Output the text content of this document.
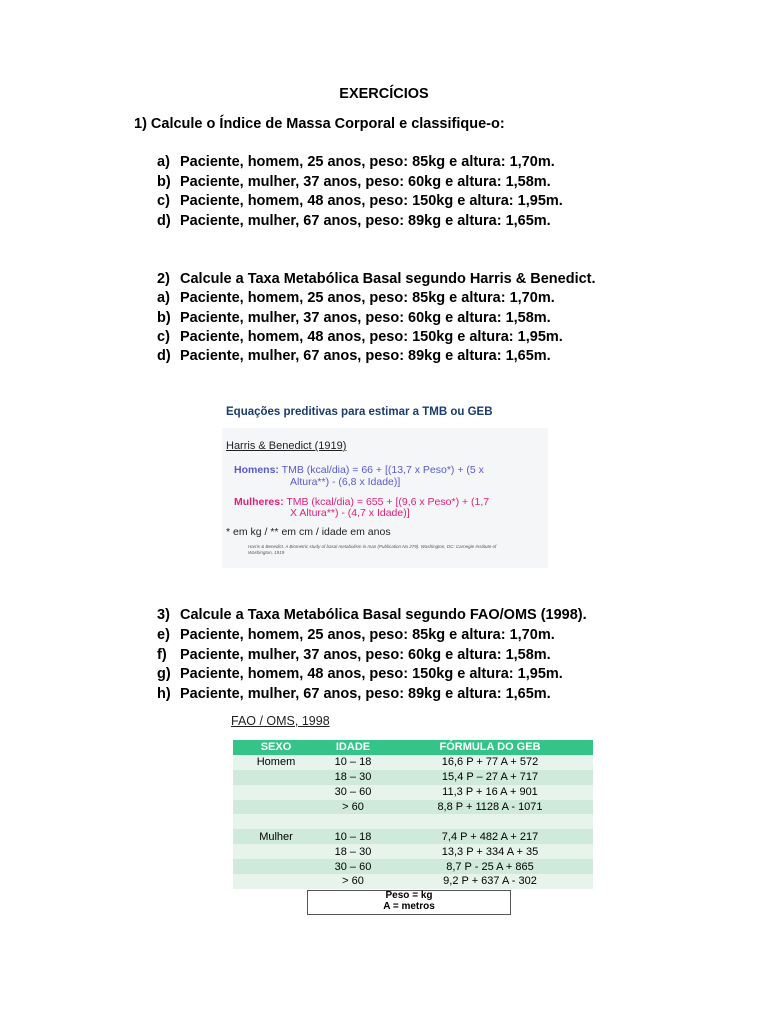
EXERCÍCIOS
1) Calcule o Índice de Massa Corporal e classifique-o:
a) Paciente, homem, 25 anos, peso: 85kg e altura: 1,70m.
b) Paciente, mulher, 37 anos, peso: 60kg e altura: 1,58m.
c) Paciente, homem, 48 anos, peso: 150kg e altura: 1,95m.
d) Paciente, mulher, 67 anos, peso: 89kg e altura: 1,65m.
2) Calcule a Taxa Metabólica Basal segundo Harris & Benedict.
a) Paciente, homem, 25 anos, peso: 85kg e altura: 1,70m.
b) Paciente, mulher, 37 anos, peso: 60kg e altura: 1,58m.
c) Paciente, homem, 48 anos, peso: 150kg e altura: 1,95m.
d) Paciente, mulher, 67 anos, peso: 89kg e altura: 1,65m.
Equações preditivas para estimar a TMB ou GEB
Harris & Benedict (1919)
Homens: TMB (kcal/dia) = 66 + [(13,7 x Peso*) + (5 x
Altura**) - (6,8 x Idade)]
Mulheres: TMB (kcal/dia) = 655 + [(9,6 x Peso*) + (1,7
X Altura**) - (4,7 x Idade)]
* em kg / ** em cm / idade em anos
Harris & Benedict. A Biometric study of basal metabolism in man (Publication No 279). Washington, DC: Carnegie Institute of Washington, 1919
3) Calcule a Taxa Metabólica Basal segundo FAO/OMS (1998).
e) Paciente, homem, 25 anos, peso: 85kg e altura: 1,70m.
f) Paciente, mulher, 37 anos, peso: 60kg e altura: 1,58m.
g) Paciente, homem, 48 anos, peso: 150kg e altura: 1,95m.
h) Paciente, mulher, 67 anos, peso: 89kg e altura: 1,65m.
FAO / OMS, 1998
SEXO	IDADE	FÓRMULA DO GEB
Homem	10 – 18	16,6 P + 77 A + 572
	18 – 30	15,4 P – 27 A + 717
	30 – 60	11,3 P + 16 A + 901
	> 60	8,8 P + 1128 A - 1071

Mulher	10 – 18	7,4 P + 482 A + 217
	18 – 30	13,3 P + 334 A + 35
	30 – 60	8,7 P - 25 A + 865
	> 60	9,2 P + 637 A - 302
Peso = kg
A = metros
